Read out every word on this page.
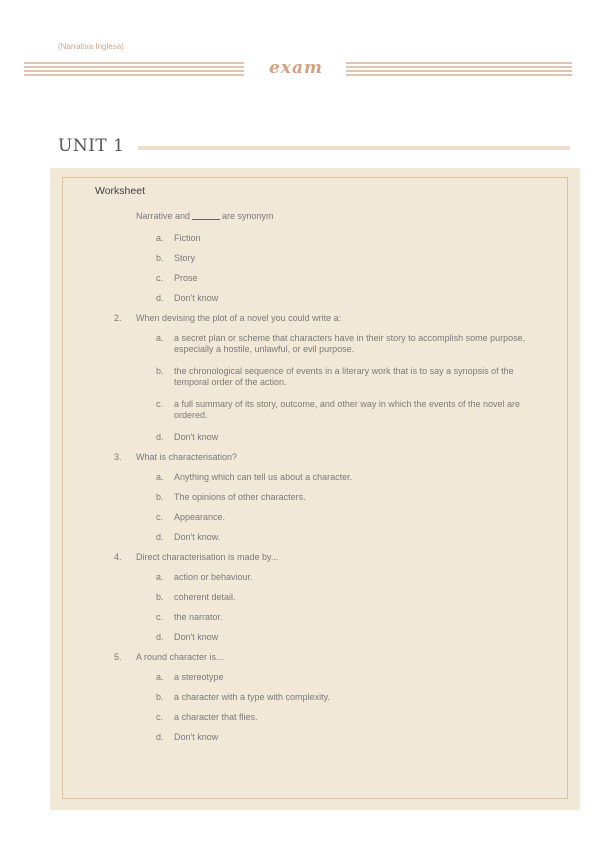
(Narrativa Inglesa)
exam
UNIT 1
Worksheet
Narrative and	are synonym
a. Fiction
b. Story
c. Prose
d. Don't know
2. When devising the plot of a novel you could write a:
a. a secret plan or scheme that characters have in their story to accomplish some purpose, especially a hostile, unlawful, or evil purpose.
b. the chronological sequence of events in a literary work that is to say a synopsis of the temporal order of the action.
c. a full summary of its story, outcome, and other way in which the events of the novel are ordered.
d. Don't know
3. What is characterisation?
a. Anything which can tell us about a character.
b. The opinions of other characters.
c. Appearance.
d. Don't know.
4. Direct characterisation is made by...
a. action or behaviour.
b. coherent detail.
c. the narrator.
d. Don't know
5. A round character is...
a. a stereotype
b. a character with a type with complexity.
c. a character that flies.
d. Don't know
